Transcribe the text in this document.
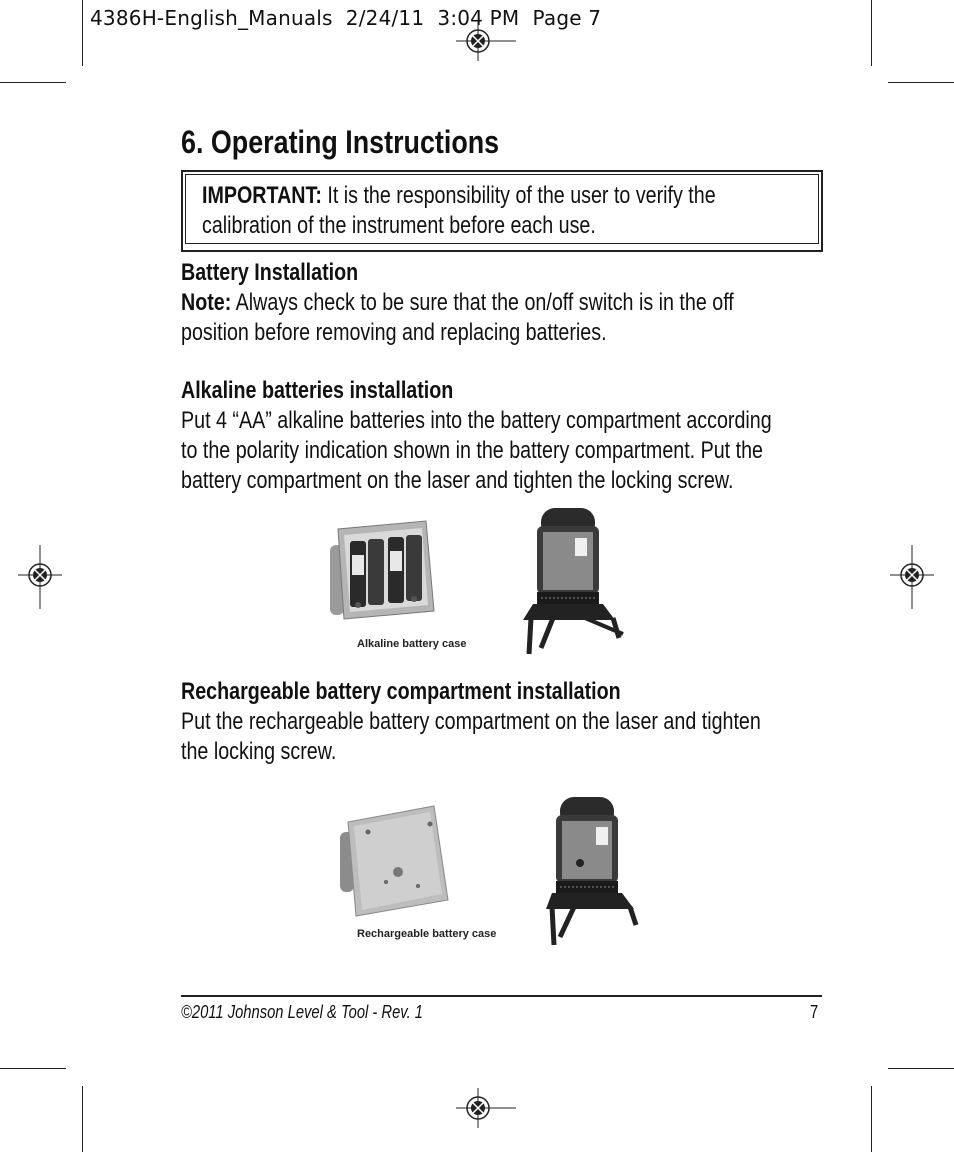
4386H-English_Manuals  2/24/11  3:04 PM  Page 7
6. Operating Instructions
IMPORTANT: It is the responsibility of the user to verify the
calibration of the instrument before each use.
Battery Installation
Note: Always check to be sure that the on/off switch is in the off
position before removing and replacing batteries.
Alkaline batteries installation
Put 4 “AA” alkaline batteries into the battery compartment according
to the polarity indication shown in the battery compartment. Put the
battery compartment on the laser and tighten the locking screw.
Alkaline battery case
Rechargeable battery compartment installation
Put the rechargeable battery compartment on the laser and tighten
the locking screw.
Rechargeable battery case
©2011 Johnson Level & Tool - Rev. 1	7
